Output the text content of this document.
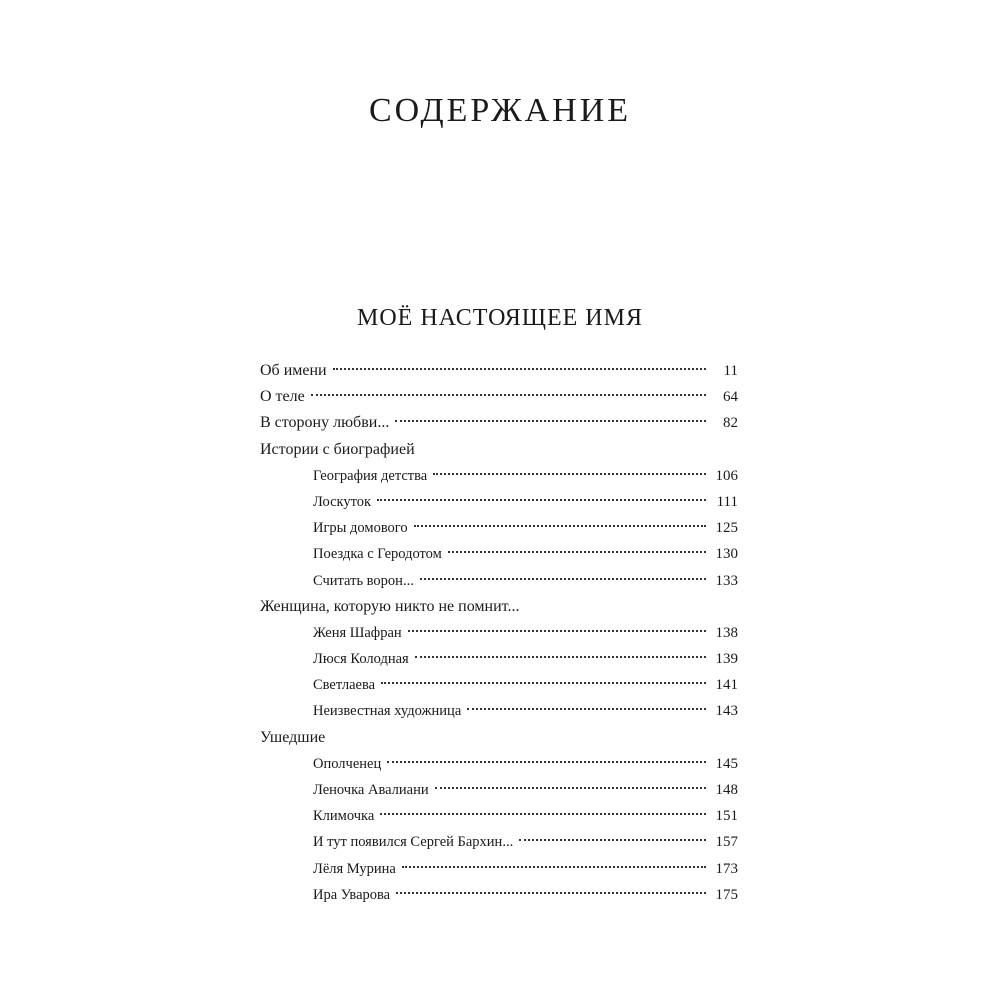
СОДЕРЖАНИЕ
МОЁ НАСТОЯЩЕЕ ИМЯ
Об имени	11
О теле	64
В сторону любви...	82
Истории с биографией
География детства	106
Лоскуток	111
Игры домового	125
Поездка с Геродотом	130
Считать ворон...	133
Женщина, которую никто не помнит...
Женя Шафран	138
Люся Колодная	139
Светлаева	141
Неизвестная художница	143
Ушедшие
Ополченец	145
Леночка Авалиани	148
Климочка	151
И тут появился Сергей Бархин...	157
Лёля Мурина	173
Ира Уварова	175
